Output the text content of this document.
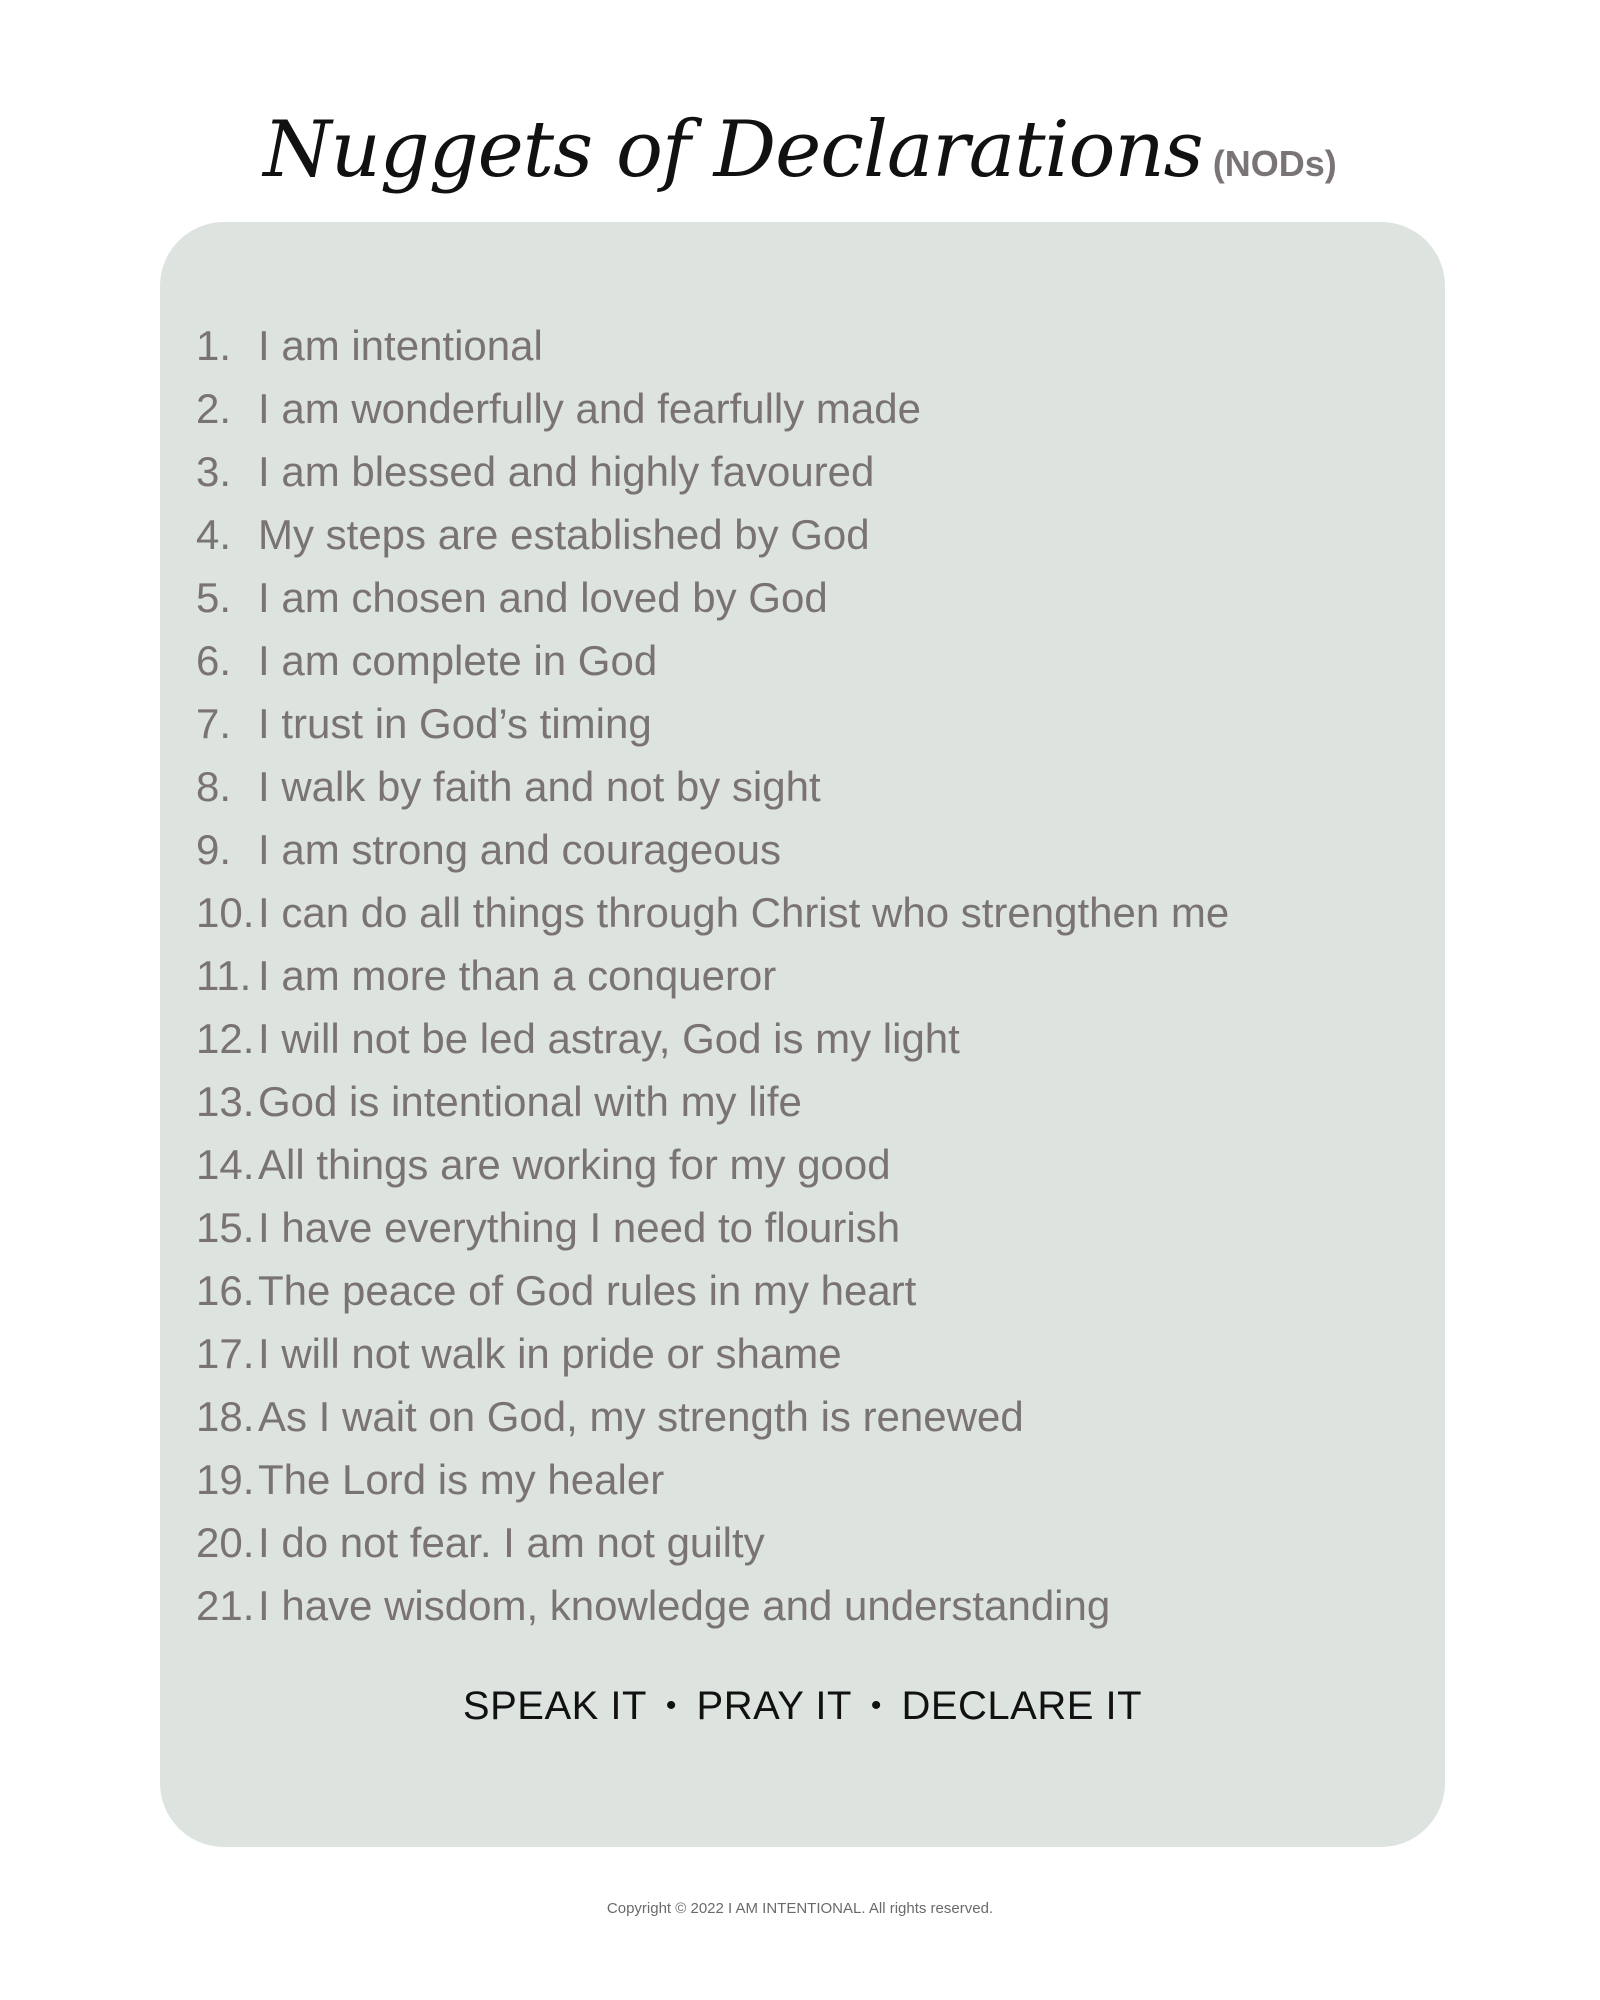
Nuggets of Declarations (NODs)
1. I am intentional
2. I am wonderfully and fearfully made
3. I am blessed and highly favoured
4. My steps are established by God
5. I am chosen and loved by God
6. I am complete in God
7. I trust in God’s timing
8. I walk by faith and not by sight
9. I am strong and courageous
10.I can do all things through Christ who strengthen me
11. I am more than a conqueror
12.I will not be led astray, God is my light
13.God is intentional with my life
14.All things are working for my good
15.I have everything I need to flourish
16.The peace of God rules in my heart
17.I will not walk in pride or shame
18.As I wait on God, my strength is renewed
19.The Lord is my healer
20.I do not fear. I am not guilty
21.I have wisdom, knowledge and understanding
SPEAK IT • PRAY IT • DECLARE IT
Copyright © 2022 I AM INTENTIONAL. All rights reserved.
